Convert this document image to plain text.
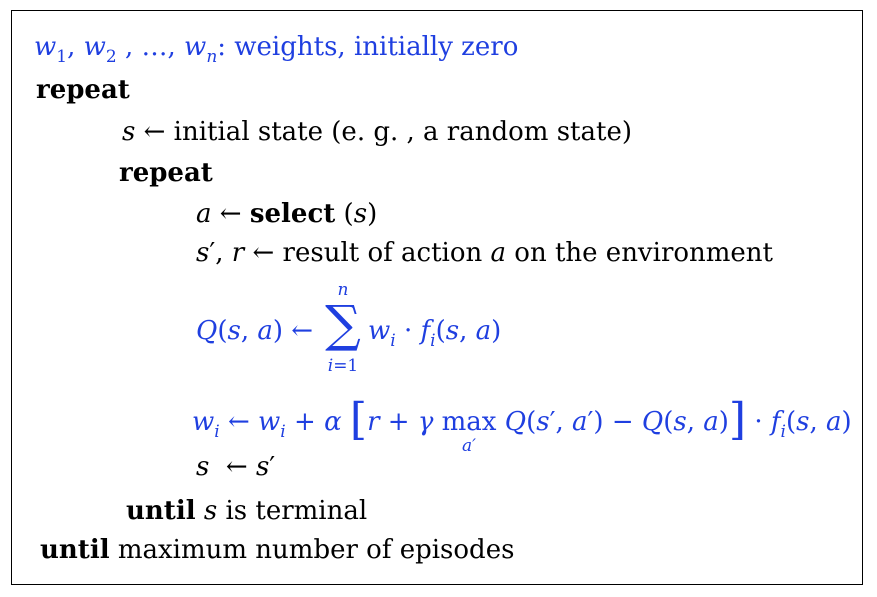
$w_1$, $w_2$ , …, $w_n$: weights, initially zero
repeat
s ← initial state (e. g. , a random state)
repeat
a ← select (s)
s′, r ← result of action a on the environment
Q(s, a) ←
n
∑
i=1
$w_i \cdot f_i(s$, a)
$w_i$ ← $w_i + \alpha$ [r + γ max
a′
Q(s′, a′) − Q(s, $a)] \cdot f_i(s$, a)
s  ← s′
until s is terminal
until maximum number of episodes
